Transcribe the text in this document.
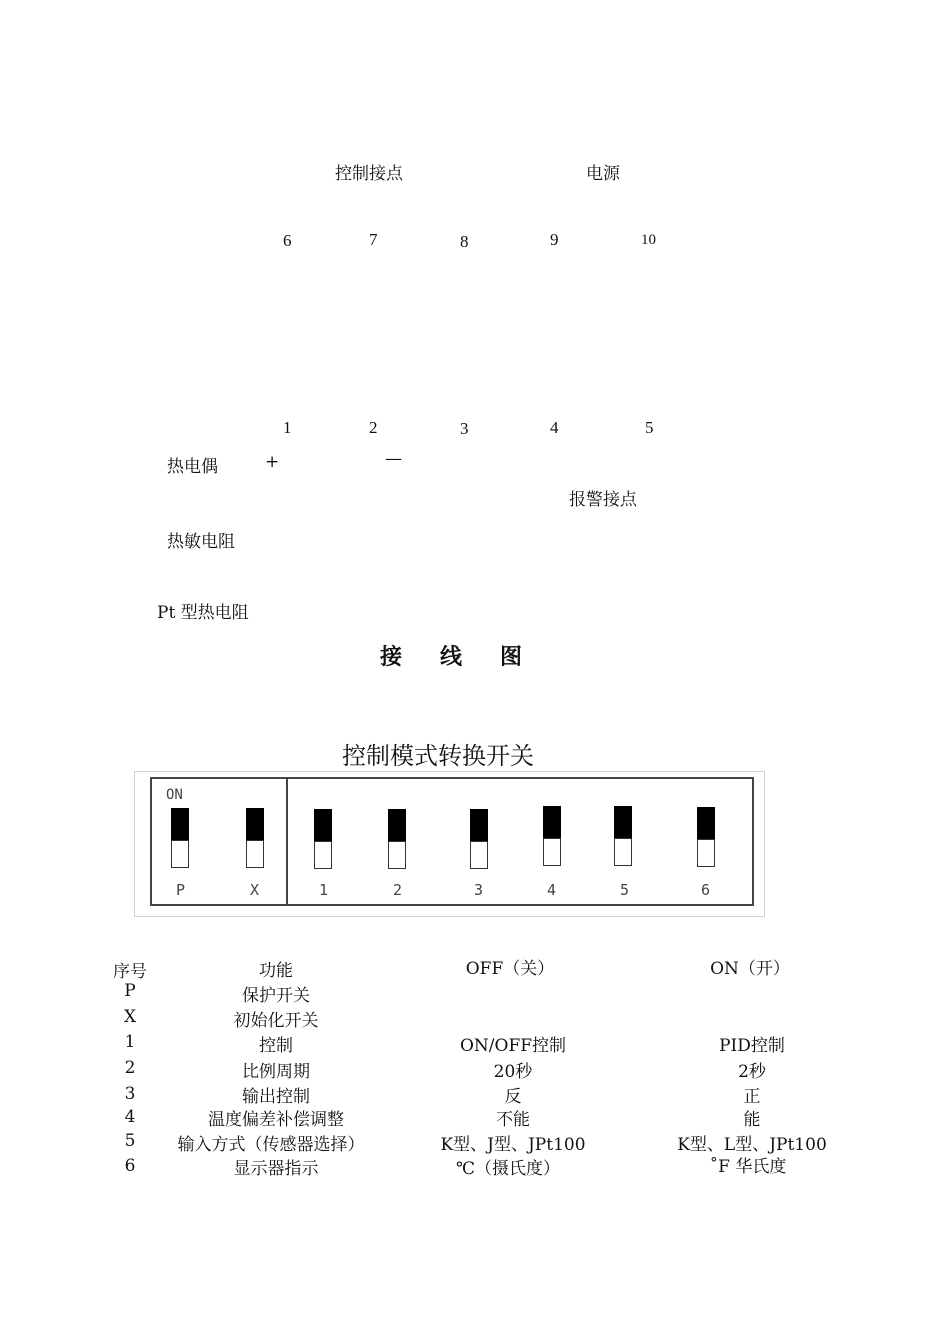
控制接点	电源
6	7	8	9	10
1	2	3	4	5
热电偶	+	—
报警接点
热敏电阻
Pt 型热电阻
接线图
控制模式转换开关
ON
P	X	1	2	3	4	5	6
序号	功能	OFF（关）	ON（开）
P	保护开关
X	初始化开关
1	控制	ON/OFF控制	PID控制
2	比例周期	20秒	2秒
3	输出控制	反	正
4	温度偏差补偿调整	不能	能
5 输入方式（传感器选择）	K型、J型、JPt100	K型、L型、JPt100
6	显示器指示	℃（摄氏度）	˚F 华氏度
